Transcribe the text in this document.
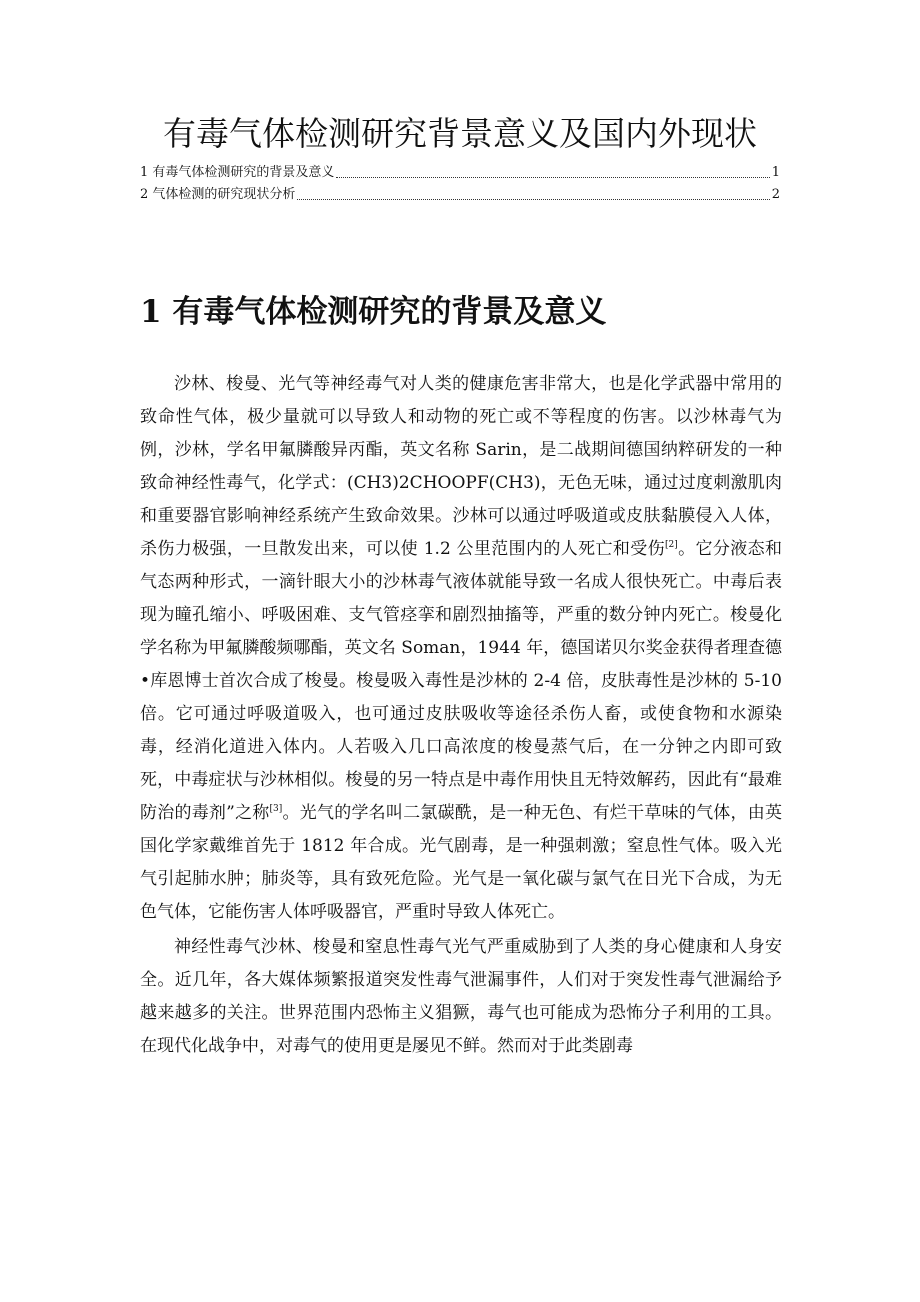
有毒气体检测研究背景意义及国内外现状
1 有毒气体检测研究的背景及意义	1
2 气体检测的研究现状分析	2
1 有毒气体检测研究的背景及意义

沙林、梭曼、光气等神经毒气对人类的健康危害非常大，也是化学武器中常用的致命性气体，极少量就可以导致人和动物的死亡或不等程度的伤害。以沙林毒气为例，沙林，学名甲氟膦酸异丙酯，英文名称 Sarin，是二战期间德国纳粹研发的一种致命神经性毒气，化学式：(CH3)2CHOOPF(CH3)，无色无味，通过过度刺激肌肉和重要器官影响神经系统产生致命效果。沙林可以通过呼吸道或皮肤黏膜侵入人体，杀伤力极强，一旦散发出来，可以使 1.2 公里范围内的人死亡和受伤[2]。它分液态和气态两种形式，一滴针眼大小的沙林毒气液体就能导致一名成人很快死亡。中毒后表现为瞳孔缩小、呼吸困难、支气管痉挛和剧烈抽搐等，严重的数分钟内死亡。梭曼化学名称为甲氟膦酸频哪酯，英文名 Soman，1944 年，德国诺贝尔奖金获得者理查德•库恩博士首次合成了梭曼。梭曼吸入毒性是沙林的 2-4 倍，皮肤毒性是沙林的 5-10 倍。它可通过呼吸道吸入，也可通过皮肤吸收等途径杀伤人畜，或使食物和水源染毒，经消化道进入体内。人若吸入几口高浓度的梭曼蒸气后，在一分钟之内即可致死，中毒症状与沙林相似。梭曼的另一特点是中毒作用快且无特效解药，因此有“最难防治的毒剂”之称[3]。光气的学名叫二氯碳酰，是一种无色、有烂干草味的气体，由英国化学家戴维首先于 1812 年合成。光气剧毒，是一种强刺激；窒息性气体。吸入光气引起肺水肿；肺炎等，具有致死危险。光气是一氧化碳与氯气在日光下合成，为无色气体，它能伤害人体呼吸器官，严重时导致人体死亡。

神经性毒气沙林、梭曼和窒息性毒气光气严重威胁到了人类的身心健康和人身安全。近几年，各大媒体频繁报道突发性毒气泄漏事件，人们对于突发性毒气泄漏给予越来越多的关注。世界范围内恐怖主义猖獗，毒气也可能成为恐怖分子利用的工具。在现代化战争中，对毒气的使用更是屡见不鲜。然而对于此类剧毒
